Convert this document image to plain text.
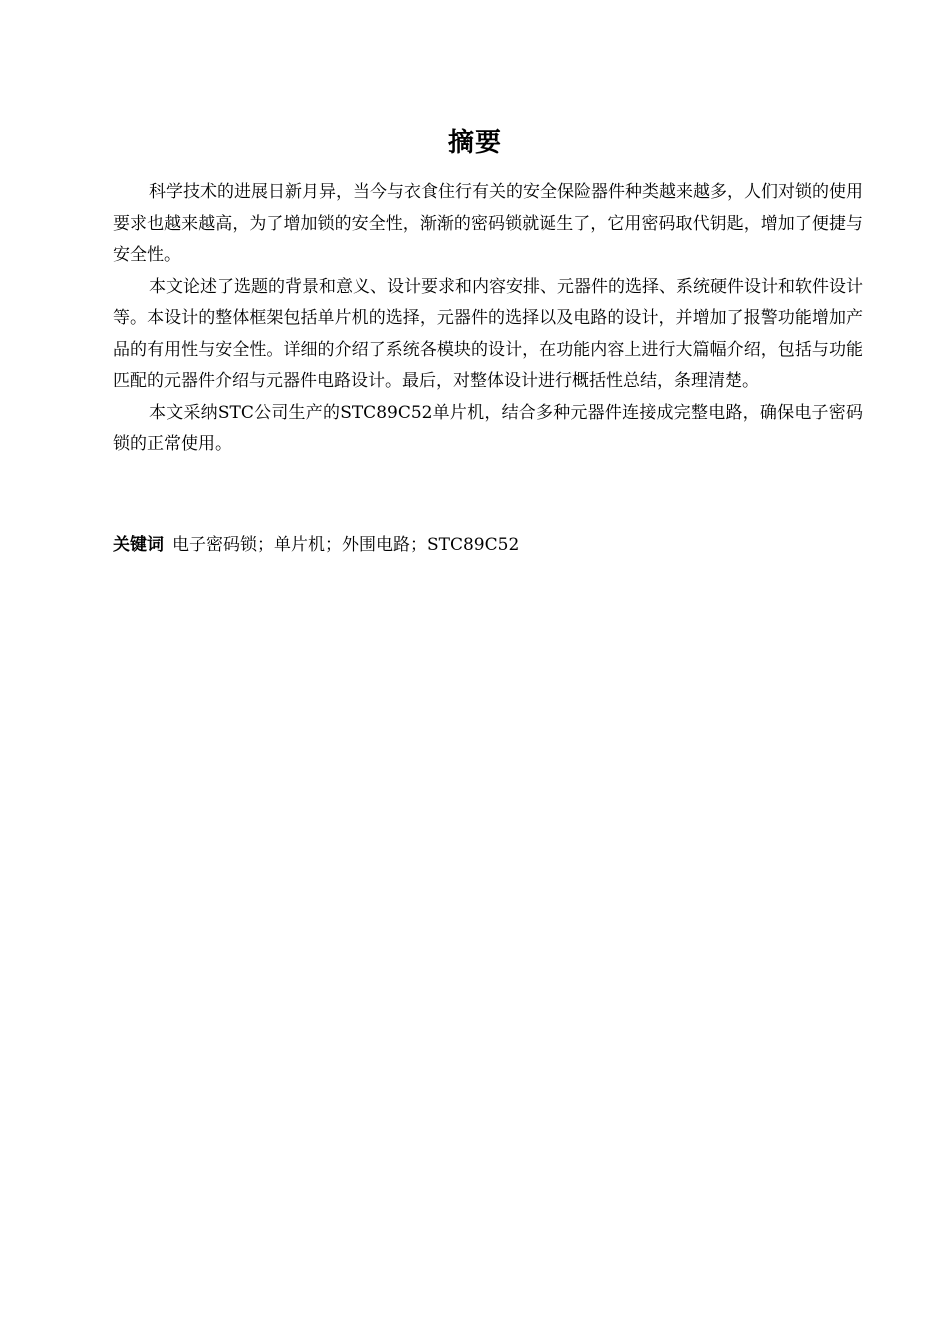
摘要

科学技术的进展日新月异，当今与衣食住行有关的安全保险器件种类越来越多，人们对锁的使用要求也越来越高，为了增加锁的安全性，渐渐的密码锁就诞生了，它用密码取代钥匙，增加了便捷与安全性。

本文论述了选题的背景和意义、设计要求和内容安排、元器件的选择、系统硬件设计和软件设计等。本设计的整体框架包括单片机的选择，元器件的选择以及电路的设计，并增加了报警功能增加产品的有用性与安全性。详细的介绍了系统各模块的设计，在功能内容上进行大篇幅介绍，包括与功能匹配的元器件介绍与元器件电路设计。最后，对整体设计进行概括性总结，条理清楚。

本文采纳STC公司生产的STC89C52单片机，结合多种元器件连接成完整电路，确保电子密码锁的正常使用。

关键词 电子密码锁；单片机；外围电路；STC89C52
